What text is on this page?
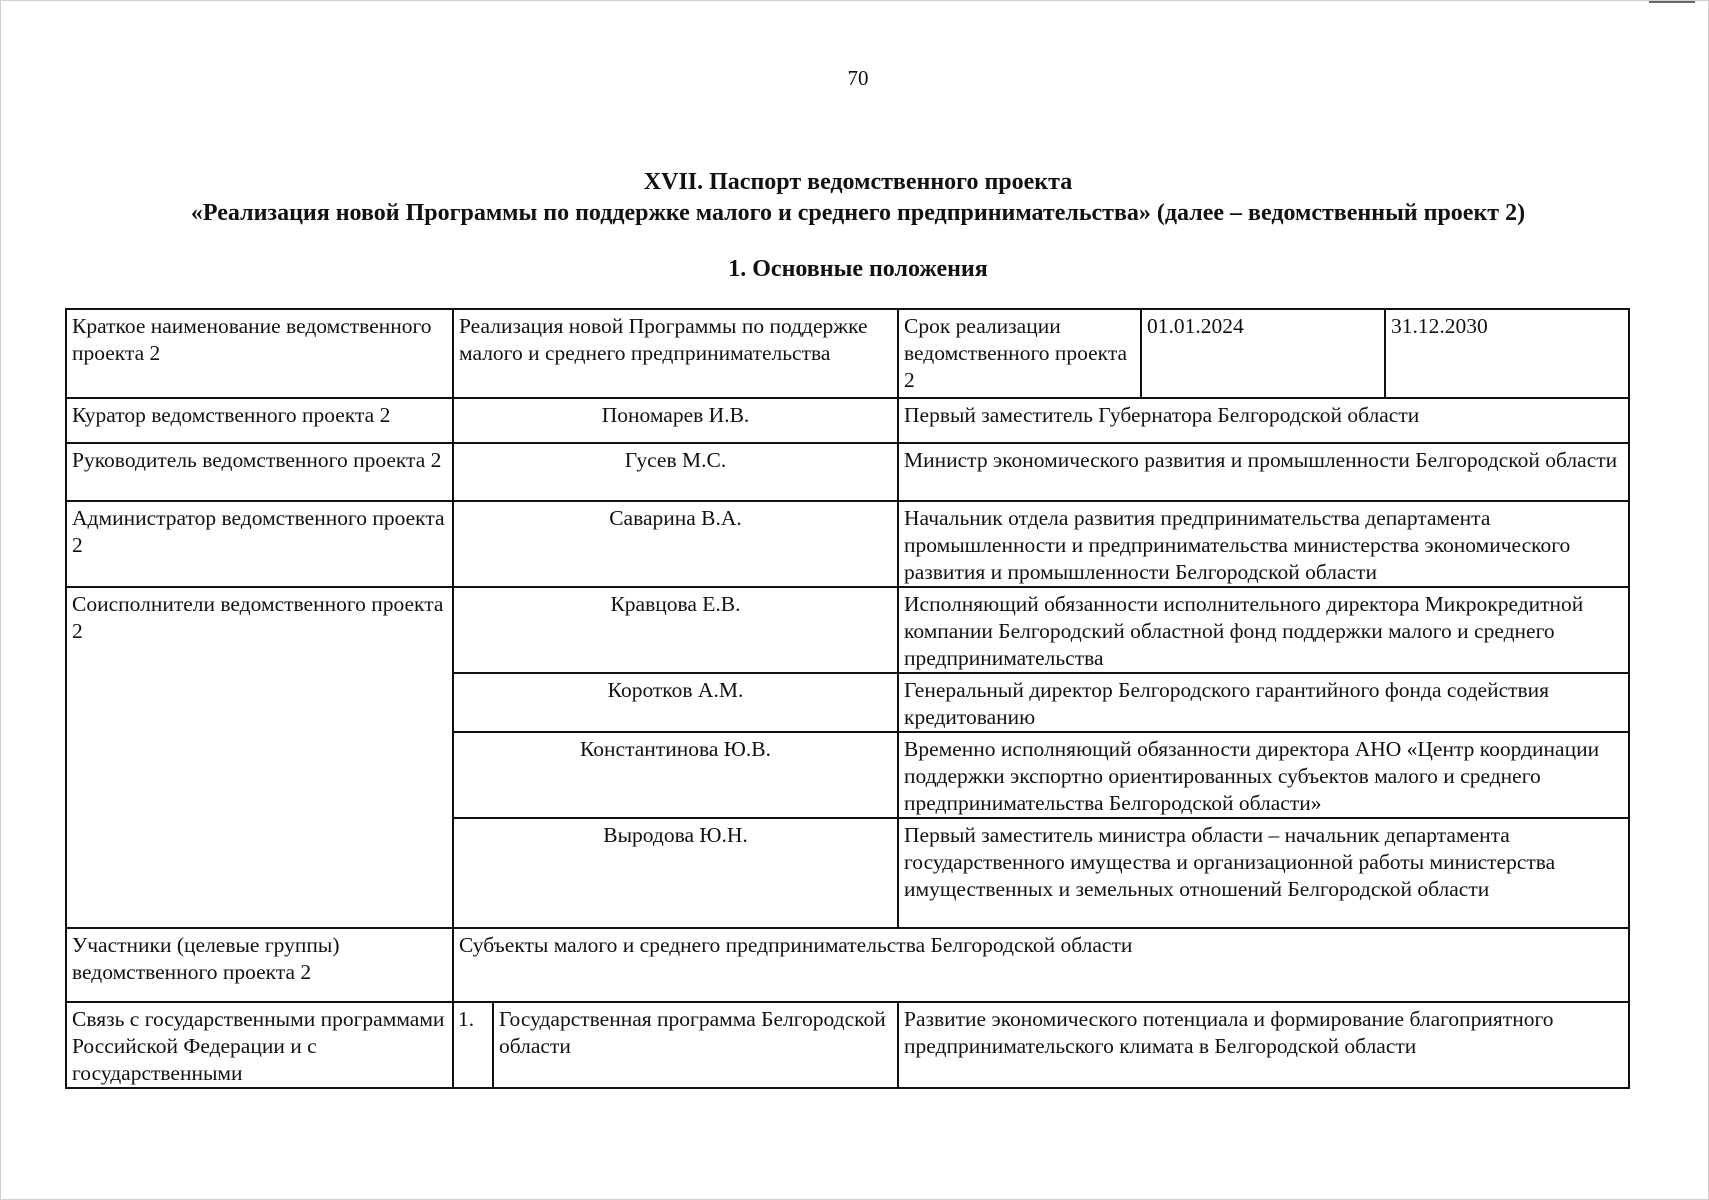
70
XVII. Паспорт ведомственного проекта
«Реализация новой Программы по поддержке малого и среднего предпринимательства» (далее – ведомственный проект 2)
1. Основные положения
Краткое наименование ведомственного проекта 2	Реализация новой Программы по поддержке малого и среднего предпринимательства		Срок реализации ведомственного проекта 2	01.01.2024	31.12.2030
Куратор ведомственного проекта 2	Пономарев И.В.		Первый заместитель Губернатора Белгородской области		
Руководитель ведомственного проекта 2	Гусев М.С.		Министр экономического развития и промышленности Белгородской области		
Администратор ведомственного проекта 2	Саварина В.А.		Начальник отдела развития предпринимательства департамента промышленности и предпринимательства министерства экономического развития и промышленности Белгородской области		
Соисполнители ведомственного проекта 2	Кравцова Е.В.		Исполняющий обязанности исполнительного директора Микрокредитной компании Белгородский областной фонд поддержки малого и среднего предпринимательства		
	Коротков А.М.		Генеральный директор Белгородского гарантийного фонда содействия кредитованию		
	Константинова Ю.В.		Временно исполняющий обязанности директора АНО «Центр координации поддержки экспортно ориентированных субъектов малого и среднего предпринимательства Белгородской области»		
	Выродова Ю.Н.		Первый заместитель министра области – начальник департамента государственного имущества и организационной работы министерства имущественных и земельных отношений Белгородской области		
Участники (целевые группы) ведомственного проекта 2	Субъекты малого и среднего предпринимательства Белгородской области				
Связь с государственными программами Российской Федерации и с государственными	1.	Государственная программа Белгородской области	Развитие экономического потенциала и формирование благоприятного предпринимательского климата в Белгородской области		
